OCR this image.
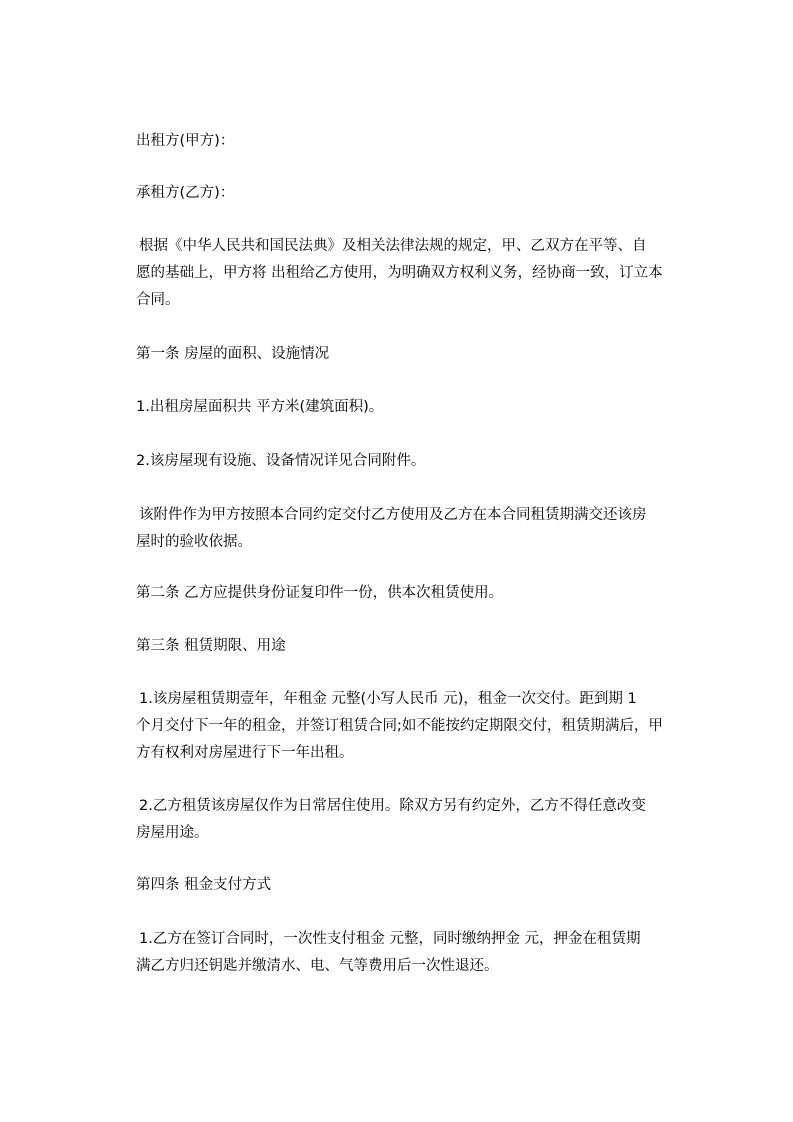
出租方(甲方)：

承租方(乙方)：

根据《中华人民共和国民法典》及相关法律法规的规定，甲、乙双方在平等、自
愿的基础上，甲方将 出租给乙方使用，为明确双方权利义务，经协商一致，订立本
合同。

第一条 房屋的面积、设施情况

1.出租房屋面积共 平方米(建筑面积)。

2.该房屋现有设施、设备情况详见合同附件。

该附件作为甲方按照本合同约定交付乙方使用及乙方在本合同租赁期满交还该房
屋时的验收依据。

第二条 乙方应提供身份证复印件一份，供本次租赁使用。

第三条 租赁期限、用途

1.该房屋租赁期壹年，年租金 元整(小写人民币 元)，租金一次交付。距到期 1
个月交付下一年的租金，并签订租赁合同;如不能按约定期限交付，租赁期满后，甲
方有权利对房屋进行下一年出租。
2.乙方租赁该房屋仅作为日常居住使用。除双方另有约定外，乙方不得任意改变
房屋用途。

第四条 租金支付方式

1.乙方在签订合同时，一次性支付租金 元整，同时缴纳押金 元，押金在租赁期
满乙方归还钥匙并缴清水、电、气等费用后一次性退还。
